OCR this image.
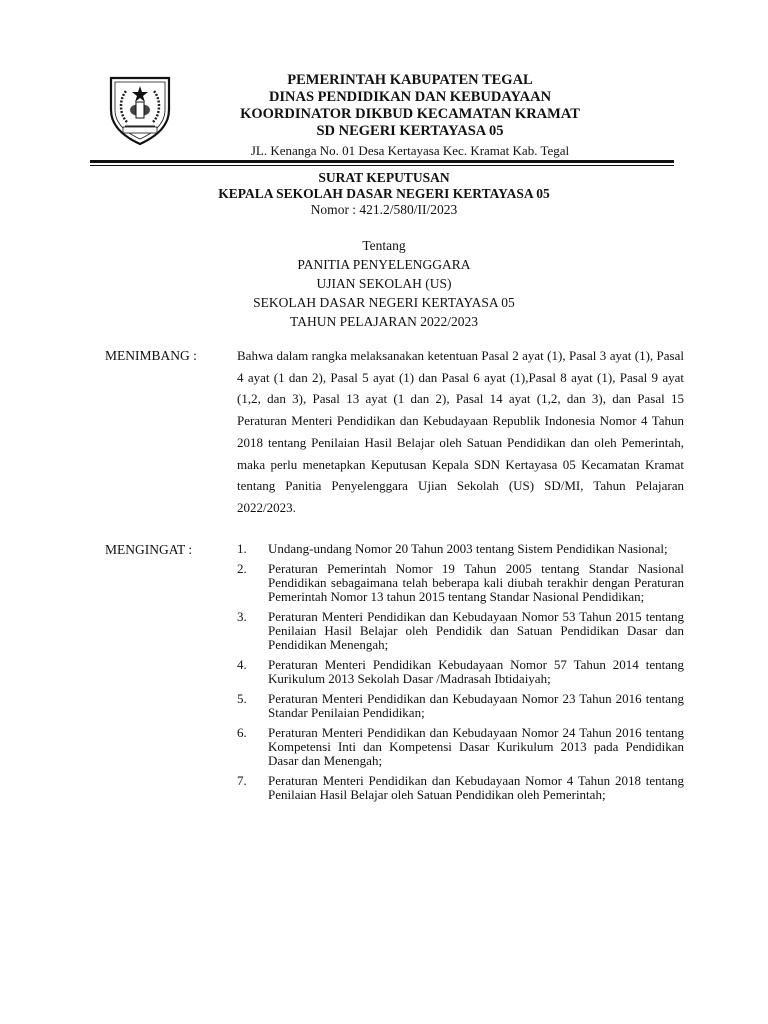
PEMERINTAH KABUPATEN TEGAL
DINAS PENDIDIKAN DAN KEBUDAYAAN
KOORDINATOR DIKBUD KECAMATAN KRAMAT
SD NEGERI KERTAYASA 05
JL. Kenanga No. 01 Desa Kertayasa Kec. Kramat Kab. Tegal
SURAT KEPUTUSAN
KEPALA SEKOLAH DASAR NEGERI KERTAYASA 05
Nomor : 421.2/580/II/2023
Tentang
PANITIA PENYELENGGARA
UJIAN SEKOLAH (US)
SEKOLAH DASAR NEGERI KERTAYASA 05
TAHUN PELAJARAN 2022/2023
MENIMBANG :	Bahwa dalam rangka melaksanakan ketentuan Pasal 2 ayat (1), Pasal 3 ayat (1), Pasal 4 ayat (1 dan 2), Pasal 5 ayat (1) dan Pasal 6 ayat (1),Pasal 8 ayat (1), Pasal 9 ayat (1,2, dan 3), Pasal 13 ayat (1 dan 2), Pasal 14 ayat (1,2, dan 3), dan Pasal 15 Peraturan Menteri Pendidikan dan Kebudayaan Republik Indonesia Nomor 4 Tahun 2018 tentang Penilaian Hasil Belajar oleh Satuan Pendidikan dan oleh Pemerintah, maka perlu menetapkan Keputusan Kepala SDN Kertayasa 05 Kecamatan Kramat tentang Panitia Penyelenggara Ujian Sekolah (US) SD/MI, Tahun Pelajaran 2022/2023.
MENGINGAT :	1.	Undang-undang Nomor 20 Tahun 2003 tentang Sistem Pendidikan Nasional;
2.	Peraturan Pemerintah Nomor 19 Tahun 2005 tentang Standar Nasional Pendidikan sebagaimana telah beberapa kali diubah terakhir dengan Peraturan Pemerintah Nomor 13 tahun 2015 tentang Standar Nasional Pendidikan;
3.	Peraturan Menteri Pendidikan dan Kebudayaan Nomor 53 Tahun 2015 tentang Penilaian Hasil Belajar oleh Pendidik dan Satuan Pendidikan Dasar dan Pendidikan Menengah;
4.	Peraturan Menteri Pendidikan Kebudayaan Nomor 57 Tahun 2014 tentang Kurikulum 2013 Sekolah Dasar /Madrasah Ibtidaiyah;
5.	Peraturan Menteri Pendidikan dan Kebudayaan Nomor 23 Tahun 2016 tentang Standar Penilaian Pendidikan;
6.	Peraturan Menteri Pendidikan dan Kebudayaan Nomor 24 Tahun 2016 tentang Kompetensi Inti dan Kompetensi Dasar Kurikulum 2013 pada Pendidikan Dasar dan Menengah;
7.	Peraturan Menteri Pendidikan dan Kebudayaan Nomor 4 Tahun 2018 tentang Penilaian Hasil Belajar oleh Satuan Pendidikan oleh Pemerintah;
